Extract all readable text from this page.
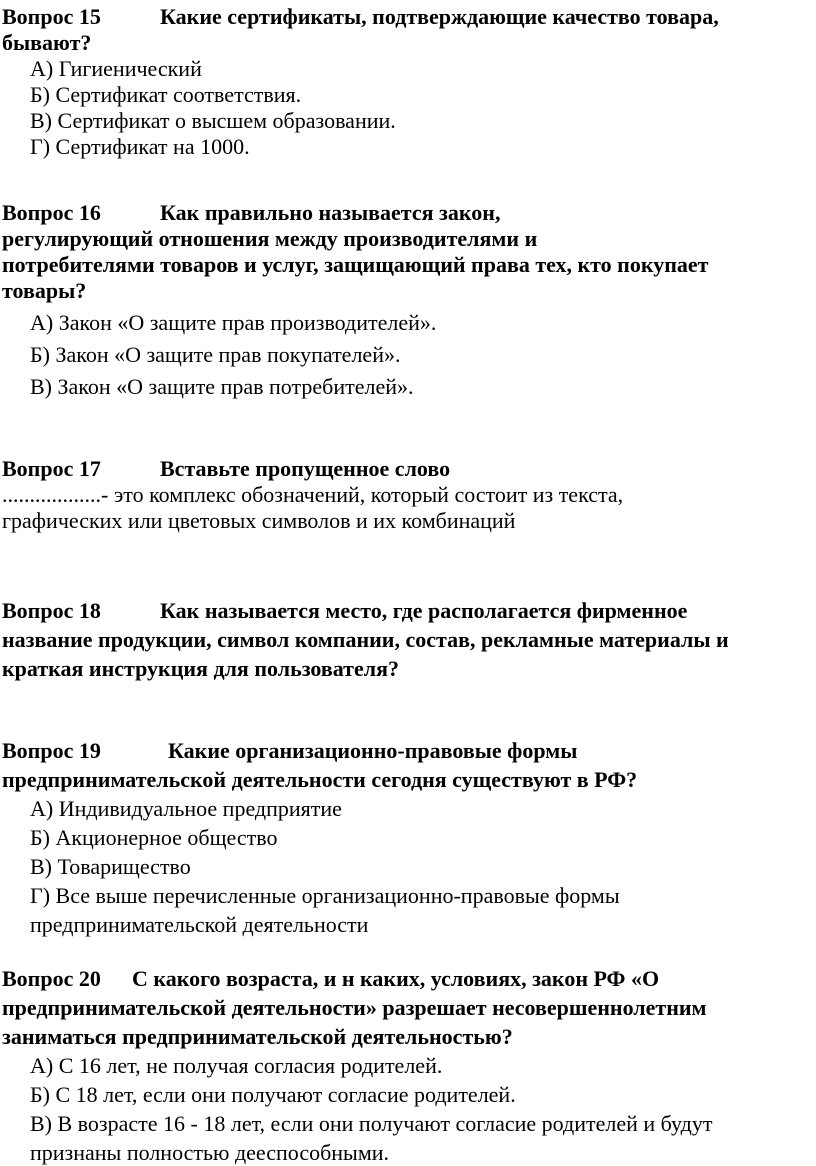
Вопрос 15	Какие сертификаты, подтверждающие качество товара,
бывают?
А) Гигиенический
Б) Сертификат соответствия.
В) Сертификат о высшем образовании.
Г) Сертификат на 1000.
Вопрос 16	Как правильно называется закон,
регулирующий отношения между производителями и
потребителями товаров и услуг, защищающий права тех, кто покупает
товары?
А) Закон «О защите прав производителей».
Б) Закон «О защите прав покупателей».
В) Закон «О защите прав потребителей».
Вопрос 17	Вставьте пропущенное слово
..................- это комплекс обозначений, который состоит из текста,
графических или цветовых символов и их комбинаций
Вопрос 18	Как называется место, где располагается фирменное
название продукции, символ компании, состав, рекламные материалы и
краткая инструкция для пользователя?
Вопрос 19	Какие организационно-правовые формы
предпринимательской деятельности сегодня существуют в РФ?
А) Индивидуальное предприятие
Б) Акционерное общество
В) Товарищество
Г) Все выше перечисленные организационно-правовые формы
предпринимательской деятельности
Вопрос 20 С какого возраста, и н каких, условиях, закон РФ «О
предпринимательской деятельности» разрешает несовершеннолетним
заниматься предпринимательской деятельностью?
А) С 16 лет, не получая согласия родителей.
Б) С 18 лет, если они получают согласие родителей.
В) В возрасте 16 - 18 лет, если они получают согласие родителей и будут
признаны полностью дееспособными.
